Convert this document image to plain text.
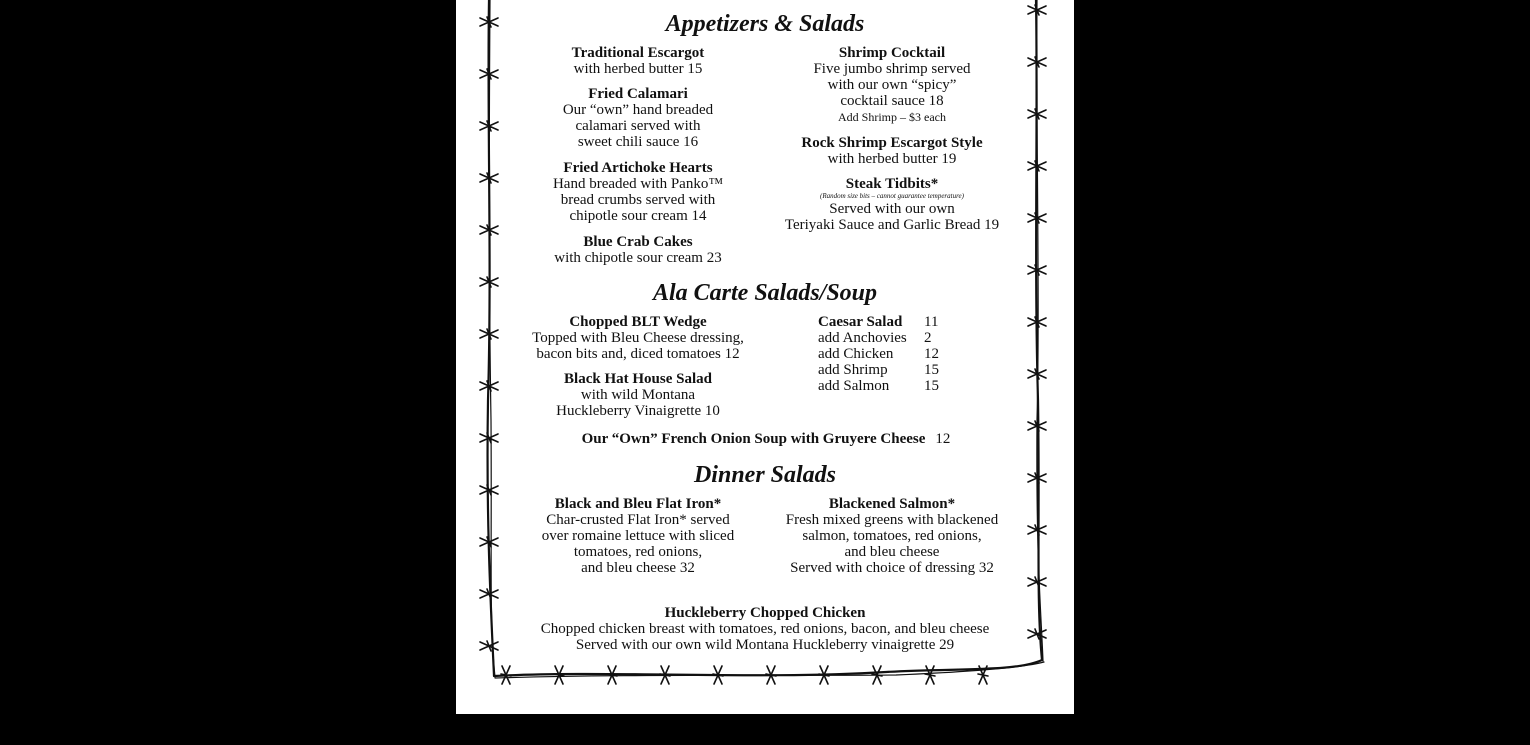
Appetizers & Salads
Traditional Escargot
with herbed butter 15
Fried Calamari
Our “own” hand breaded
calamari served with
sweet chili sauce 16
Fried Artichoke Hearts
Hand breaded with Panko™
bread crumbs served with
chipotle sour cream 14
Blue Crab Cakes
with chipotle sour cream 23
Shrimp Cocktail
Five jumbo shrimp served
with our own “spicy”
cocktail sauce 18
Add Shrimp – $3 each
Rock Shrimp Escargot Style
with herbed butter 19
Steak Tidbits*
(Random size bits – cannot guarantee temperature)
Served with our own
Teriyaki Sauce and Garlic Bread 19
Ala Carte Salads/Soup
Chopped BLT Wedge
Topped with Bleu Cheese dressing,
bacon bits and, diced tomatoes 12
Black Hat House Salad
with wild Montana
Huckleberry Vinaigrette 10
Caesar Salad	11
add Anchovies	2
add Chicken	12
add Shrimp	15
add Salmon	15
Our “Own” French Onion Soup with Gruyere Cheese 12
Dinner Salads
Black and Bleu Flat Iron*
Char-crusted Flat Iron* served
over romaine lettuce with sliced
tomatoes, red onions,
and bleu cheese 32
Blackened Salmon*
Fresh mixed greens with blackened
salmon, tomatoes, red onions,
and bleu cheese
Served with choice of dressing 32
Huckleberry Chopped Chicken
Chopped chicken breast with tomatoes, red onions, bacon, and bleu cheese
Served with our own wild Montana Huckleberry vinaigrette 29
